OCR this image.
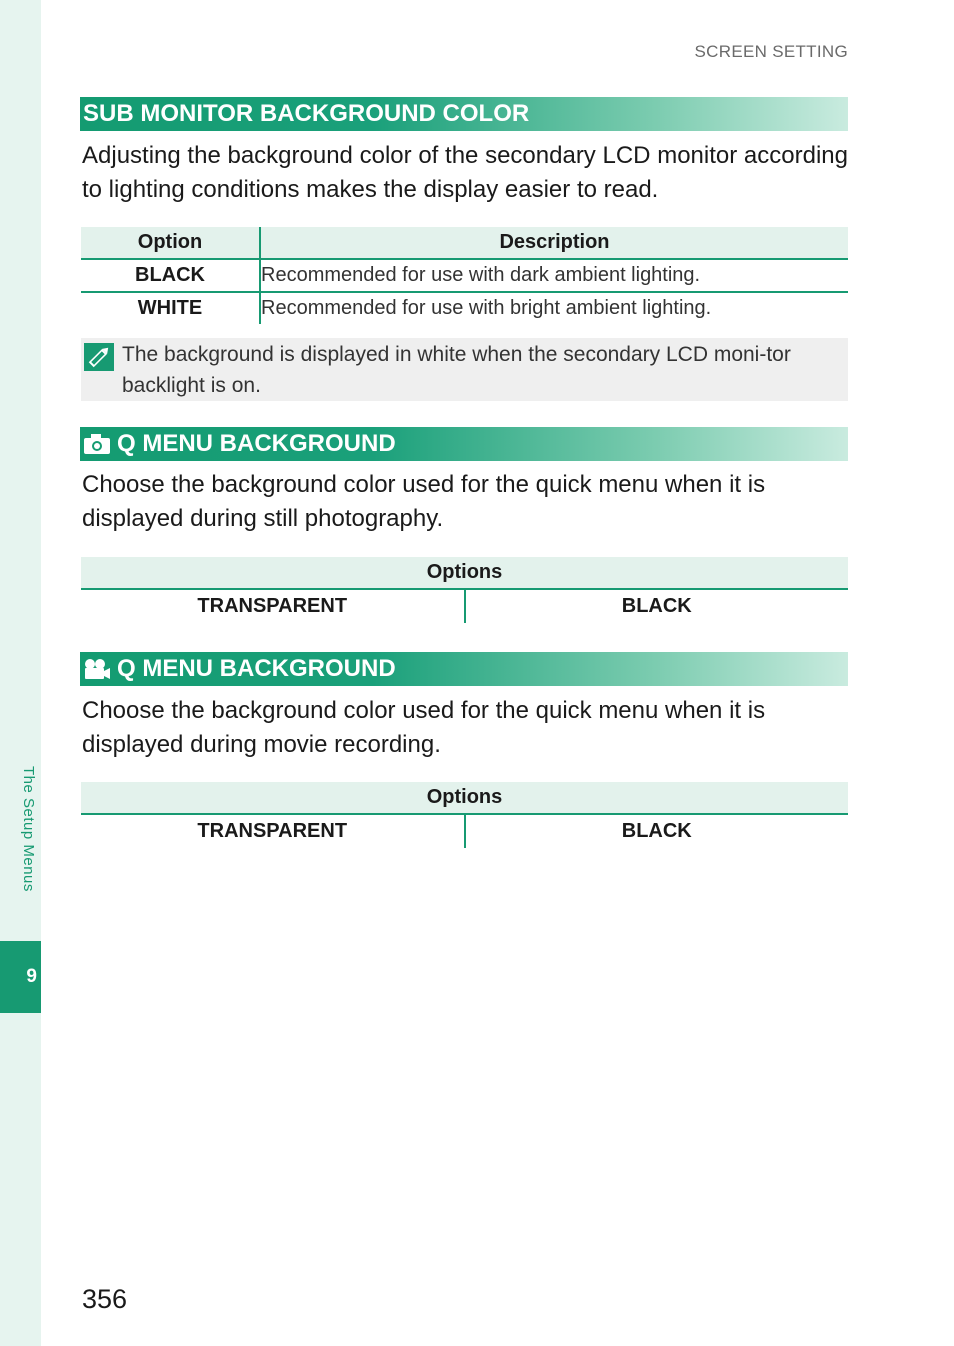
The Setup Menus
9
SCREEN SETTING
SUB MONITOR BACKGROUND COLOR

Adjusting the background color of the secondary LCD monitor according to lighting conditions makes the display easier to read.

Option	Description
BLACK	Recommended for use with dark ambient lighting.
WHITE	Recommended for use with bright ambient lighting.

The background is displayed in white when the secondary LCD moni-tor backlight is on.

Q MENU BACKGROUND

Choose the background color used for the quick menu when it is displayed during still photography.

Options
TRANSPARENT	BLACK
Q MENU BACKGROUND

Choose the background color used for the quick menu when it is displayed during movie recording.

Options
TRANSPARENT	BLACK
356
